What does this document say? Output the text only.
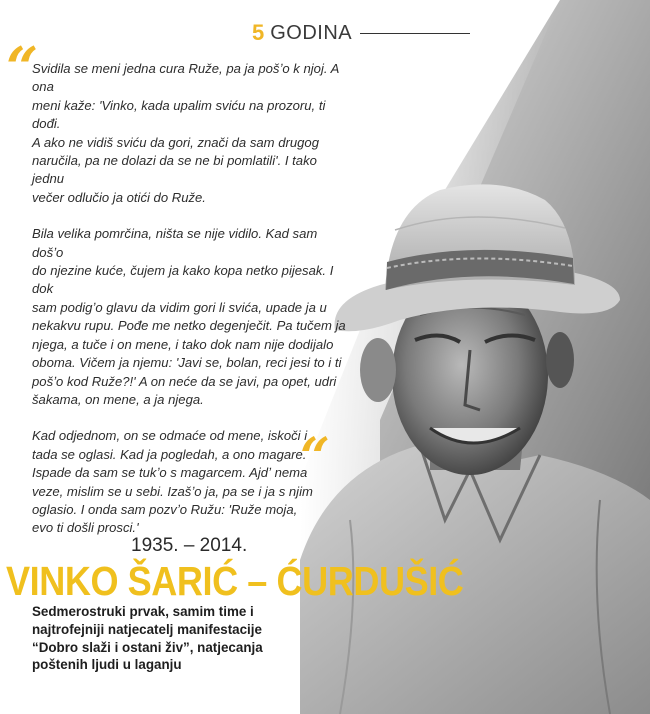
5 GODINA
“

Svidila se meni jedna cura Ruže, pa ja pošʼo k njoj. A ona
meni kaže: 'Vinko, kada upalim sviću na prozoru, ti dođi.
A ako ne vidiš sviću da gori, znači da sam drugog
naručila, pa ne dolazi da se ne bi pomlatili'. I tako jednu
večer odlučio ja otići do Ruže.

Bila velika pomrčina, ništa se nije vidilo. Kad sam došʼo
do njezine kuće, čujem ja kako kopa netko pijesak. I dok
sam podigʼo glavu da vidim gori li svića, upade ja u
nekakvu rupu. Pođe me netko degenječit. Pa tučem ja
njega, a tuče i on mene, i tako dok nam nije dodijalo
oboma. Vičem ja njemu: 'Javi se, bolan, reci jesi to i ti
pošʼo kod Ruže?!' A on neće da se javi, pa opet, udri
šakama, on mene, a ja njega.

Kad odjednom, on se odmaće od mene, iskoči i
tada se oglasi. Kad ja pogledah, a ono magare.
Ispade da sam se tukʼo s magarcem. Ajdʼ nema
veze, mislim se u sebi. Izašʼo ja, pa se i ja s njim
oglasio. I onda sam pozvʼo Ružu: 'Ruže moja,
evo ti došli prosci.'

“
1935. – 2014.
VINKO ŠARIĆ – ĆURDUŠIĆ
Sedmerostruki prvak, samim time i
najtrofejniji natjecatelj manifestacije
“Dobro slaži i ostani živ”, natjecanja
poštenih ljudi u laganju
